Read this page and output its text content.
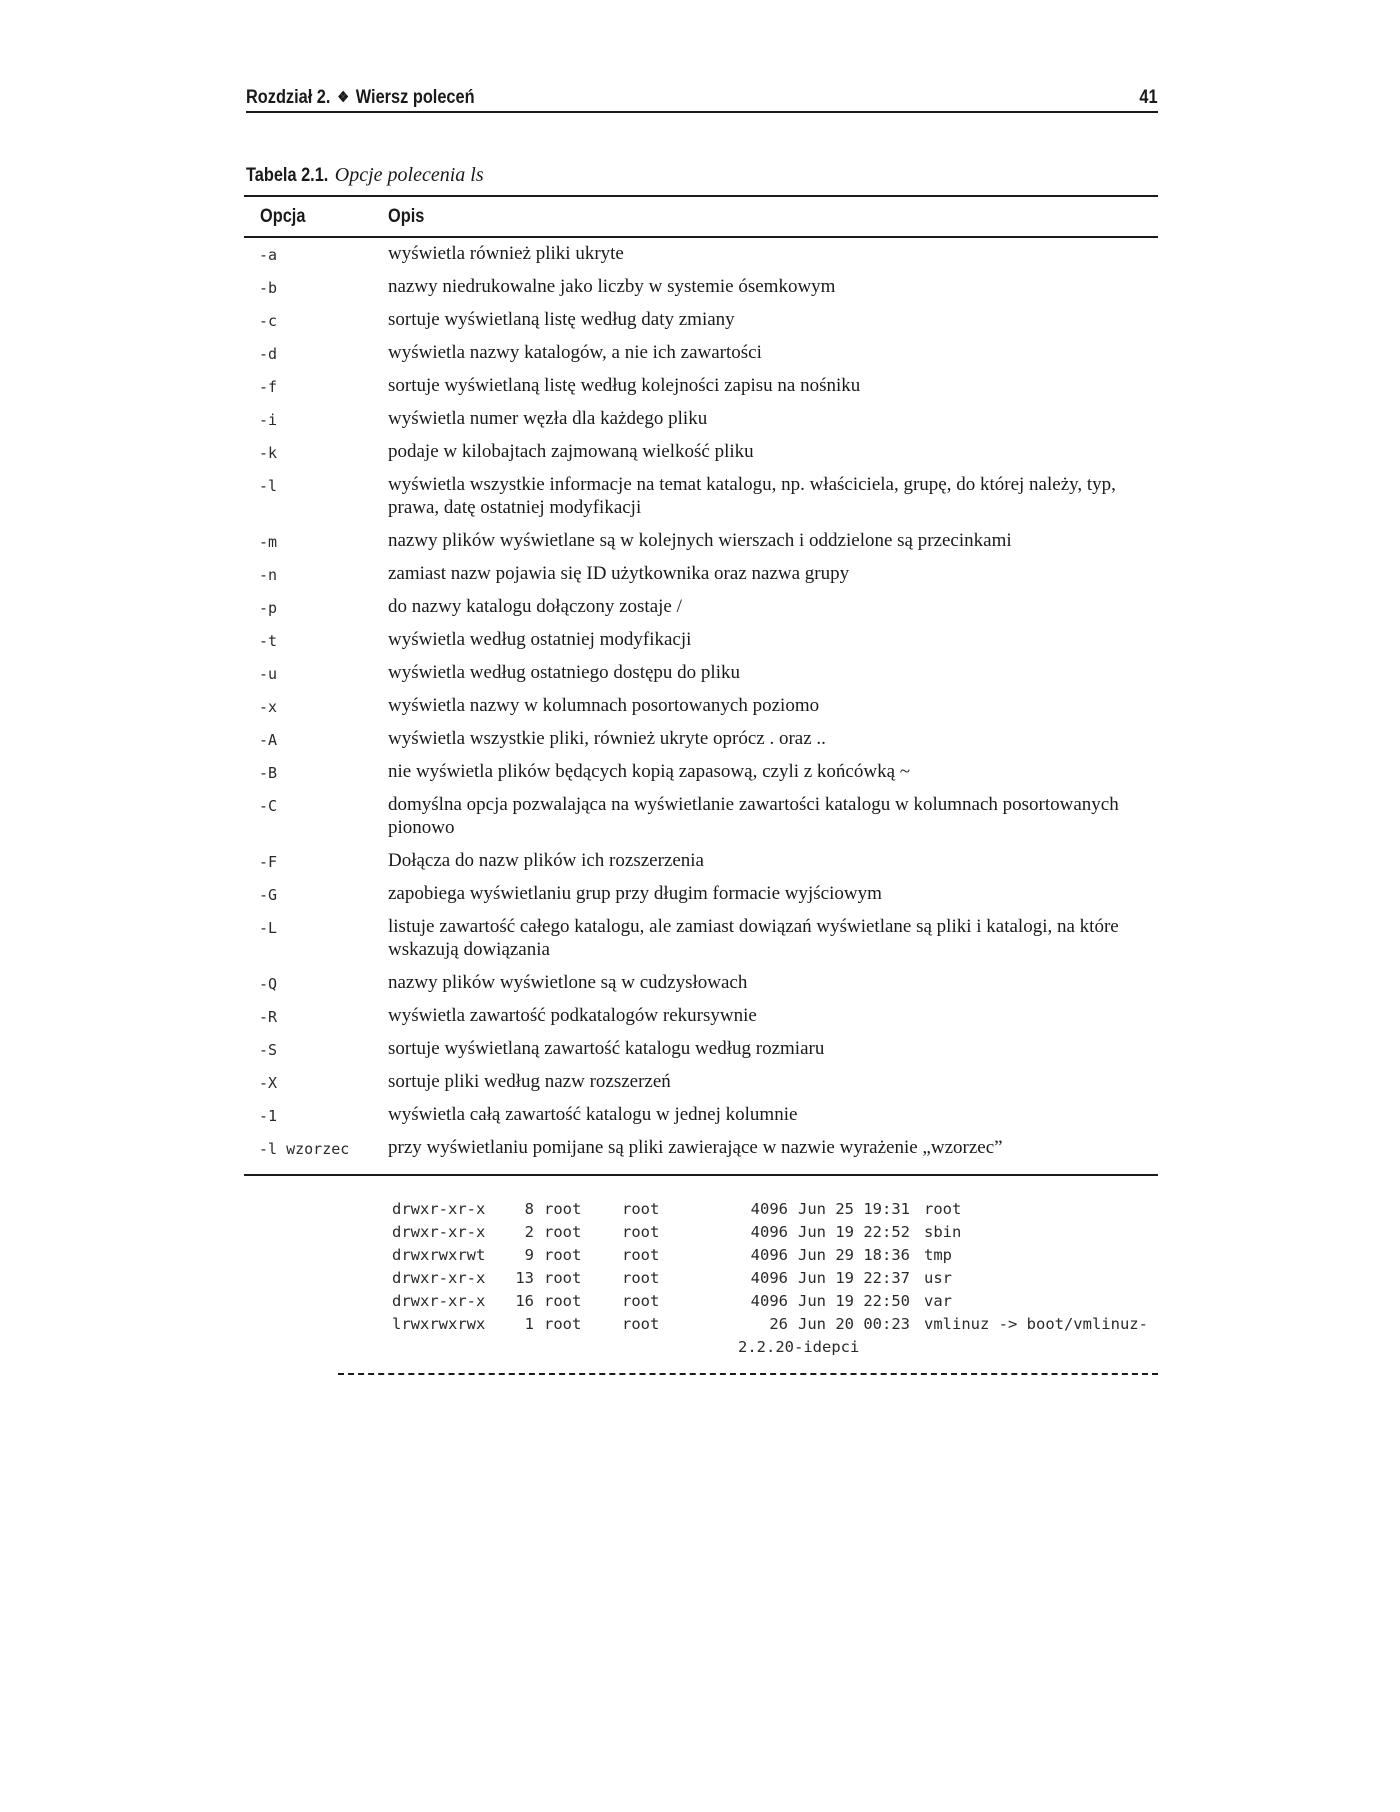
Rozdział 2. ❖ Wiersz poleceń	41
Tabela 2.1. Opcje polecenia ls
Opcja	Opis
-a	wyświetla również pliki ukryte
-b	nazwy niedrukowalne jako liczby w systemie ósemkowym
-c	sortuje wyświetlaną listę według daty zmiany
-d	wyświetla nazwy katalogów, a nie ich zawartości
-f	sortuje wyświetlaną listę według kolejności zapisu na nośniku
-i	wyświetla numer węzła dla każdego pliku
-k	podaje w kilobajtach zajmowaną wielkość pliku
-l	wyświetla wszystkie informacje na temat katalogu, np. właściciela, grupę, do której należy, typ, prawa, datę ostatniej modyfikacji
-m	nazwy plików wyświetlane są w kolejnych wierszach i oddzielone są przecinkami
-n	zamiast nazw pojawia się ID użytkownika oraz nazwa grupy
-p	do nazwy katalogu dołączony zostaje /
-t	wyświetla według ostatniej modyfikacji
-u	wyświetla według ostatniego dostępu do pliku
-x	wyświetla nazwy w kolumnach posortowanych poziomo
-A	wyświetla wszystkie pliki, również ukryte oprócz . oraz ..
-B	nie wyświetla plików będących kopią zapasową, czyli z końcówką ~
-C	domyślna opcja pozwalająca na wyświetlanie zawartości katalogu w kolumnach posortowanych pionowo
-F	Dołącza do nazw plików ich rozszerzenia
-G	zapobiega wyświetlaniu grup przy długim formacie wyjściowym
-L	listuje zawartość całego katalogu, ale zamiast dowiązań wyświetlane są pliki i katalogi, na które wskazują dowiązania
-Q	nazwy plików wyświetlone są w cudzysłowach
-R	wyświetla zawartość podkatalogów rekursywnie
-S	sortuje wyświetlaną zawartość katalogu według rozmiaru
-X	sortuje pliki według nazw rozszerzeń
-1	wyświetla całą zawartość katalogu w jednej kolumnie
-l wzorzec	przy wyświetlaniu pomijane są pliki zawierające w nazwie wyrażenie „wzorzec”
drwxr-xr-x	8 root	root	4096 Jun 25 19:31 root
drwxr-xr-x	2 root	root	4096 Jun 19 22:52 sbin
drwxrwxrwt	9 root	root	4096 Jun 29 18:36 tmp
drwxr-xr-x	13 root	root	4096 Jun 19 22:37 usr
drwxr-xr-x	16 root	root	4096 Jun 19 22:50 var
lrwxrwxrwx	1 root	root	26 Jun 20 00:23 vmlinuz -> boot/vmlinuz-
2.2.20-idepci
